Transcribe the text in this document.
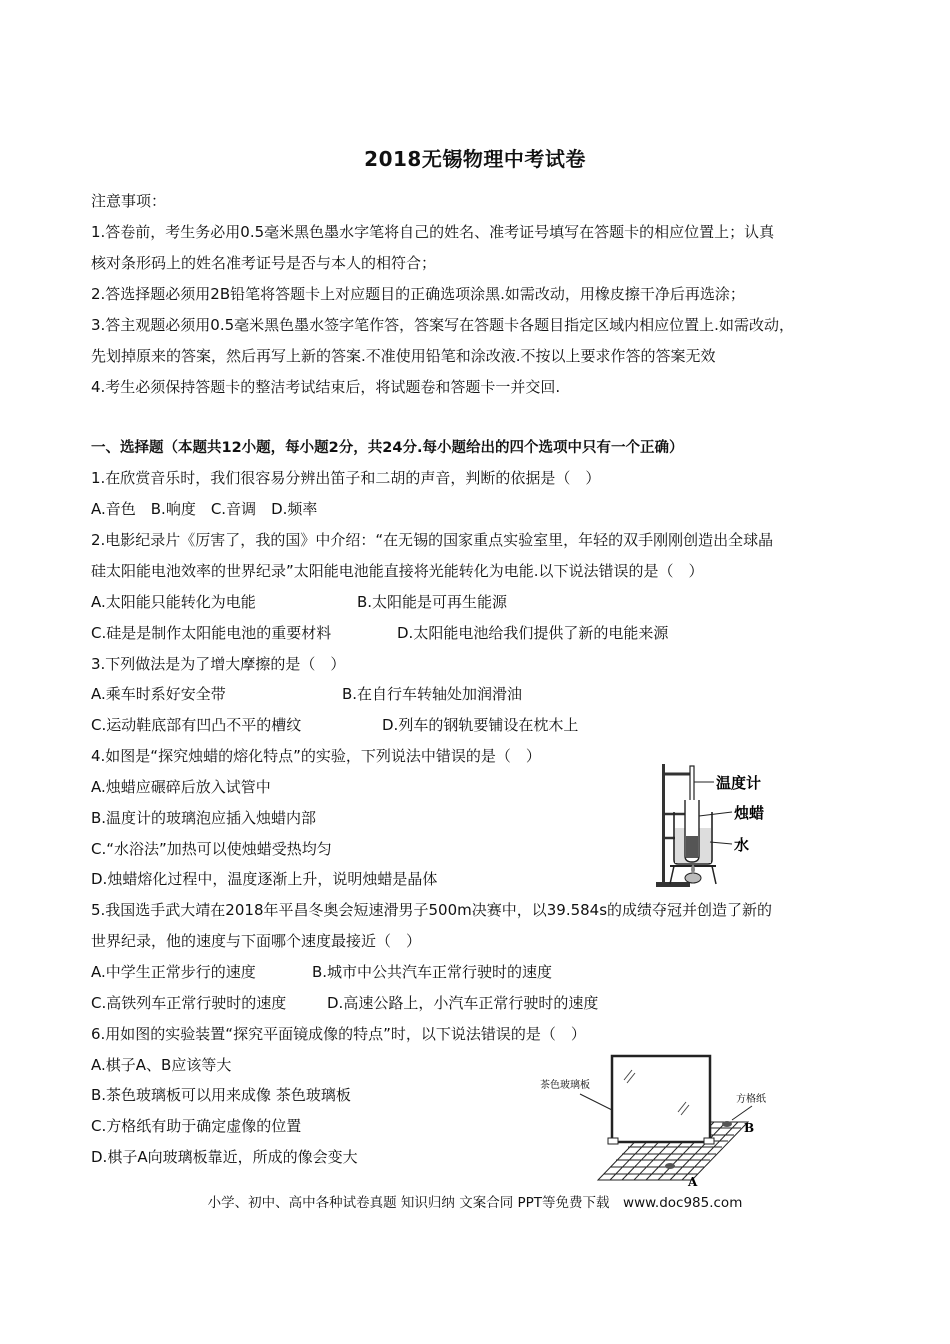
2018无锡物理中考试卷
注意事项：
1.答卷前，考生务必用0.5毫米黑色墨水字笔将自己的姓名、准考证号填写在答题卡的相应位置上；认真
核对条形码上的姓名准考证号是否与本人的相符合；
2.答选择题必须用2B铅笔将答题卡上对应题目的正确选项涂黑.如需改动，用橡皮擦干净后再选涂；
3.答主观题必须用0.5毫米黑色墨水签字笔作答，答案写在答题卡各题目指定区域内相应位置上.如需改动，
先划掉原来的答案，然后再写上新的答案.不准使用铅笔和涂改液.不按以上要求作答的答案无效
4.考生必须保持答题卡的整洁考试结束后，将试题卷和答题卡一并交回.
一、选择题（本题共12小题，每小题2分，共24分.每小题给出的四个选项中只有一个正确）
1.在欣赏音乐时，我们很容易分辨出笛子和二胡的声音，判断的依据是（　）
A.音色　B.响度　C.音调　D.频率
2.电影纪录片《厉害了，我的国》中介绍：“在无锡的国家重点实验室里，年轻的双手刚刚创造出全球晶
硅太阳能电池效率的世界纪录”太阳能电池能直接将光能转化为电能.以下说法错误的是（　）
A.太阳能只能转化为电能	B.太阳能是可再生能源
C.硅是是制作太阳能电池的重要材料	D.太阳能电池给我们提供了新的电能来源
3.下列做法是为了增大摩擦的是（　）
A.乘车时系好安全带	B.在自行车转轴处加润滑油
C.运动鞋底部有凹凸不平的槽纹	D.列车的钢轨要铺设在枕木上
4.如图是“探究烛蜡的熔化特点”的实验，下列说法中错误的是（　）
A.烛蜡应碾碎后放入试管中
B.温度计的玻璃泡应插入烛蜡内部
C.“水浴法”加热可以使烛蜡受热均匀
D.烛蜡熔化过程中，温度逐渐上升，说明烛蜡是晶体
温度计
烛蜡
水
5.我国选手武大靖在2018年平昌冬奥会短速滑男子500m决赛中，以39.584s的成绩夺冠并创造了新的
世界纪录，他的速度与下面哪个速度最接近（　）
A.中学生正常步行的速度	B.城市中公共汽车正常行驶时的速度
C.高铁列车正常行驶时的速度	D.高速公路上，小汽车正常行驶时的速度
6.用如图的实验装置“探究平面镜成像的特点”时，以下说法错误的是（　）
A.棋子A、B应该等大
B.茶色玻璃板可以用来成像 茶色玻璃板
C.方格纸有助于确定虚像的位置
D.棋子A向玻璃板靠近，所成的像会变大
茶色玻璃板
方格纸
B
A
小学、初中、高中各种试卷真题 知识归纳 文案合同 PPT等免费下载　www.doc985.com
